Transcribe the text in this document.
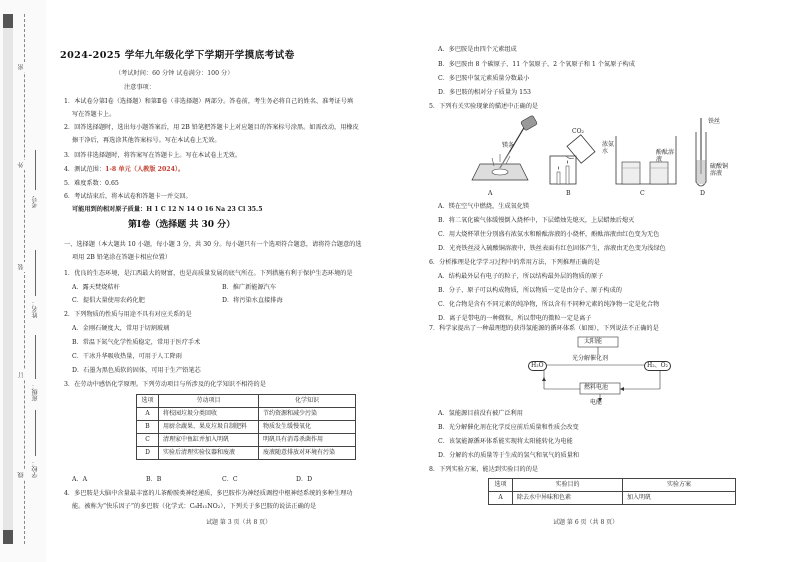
密
外
装
订
线
考号
姓名：
班级：
学校：
2024-2025 学年九年级化学下学期开学摸底考试卷
（考试时间：60 分钟 试卷满分：100 分）
注意事项：
1．本试卷分第Ⅰ卷（选择题）和第Ⅱ卷（非选择题）两部分。答卷前，考生务必将自己的姓名、准考证号填
写在答题卡上。
2．回答选择题时，选出每小题答案后，用 2B 铅笔把答题卡上对应题目的答案标号涂黑。如需改动，用橡皮
擦干净后，再选涂其他答案标号。写在本试卷上无效。
3．回答非选择题时，将答案写在答题卡上。写在本试卷上无效。
4．测试范围：1-8 单元（人教版 2024）。
5．难度系数：0.65
6．考试结束后，将本试卷和答题卡一并交回。
可能用到的相对原子质量：H 1 C 12 N 14 O 16 Na 23 Cl 35.5
第Ⅰ卷（选择题 共 30 分）
一、选择题（本大题共 10 小题，每小题 3 分，共 30 分。每小题只有一个选项符合题意，请将符合题意的选
项用 2B 铅笔涂在答题卡相应位置）
1．优良的生态环境，是江西最大的财富，也是高质量发展的底气所在。下列措施有利于保护生态环境的是
A．露天焚烧秸秆	B．推广新能源汽车
C．提倡大量使用农药化肥	D．将污染水直接排海
2．下列物质的性质与用途不具有对应关系的是
A．金刚石硬度大，常用于切割玻璃
B．常温下氮气化学性质稳定，常用于医疗手术
C．干冰升华吸收热量，可用于人工降雨
D．石墨为黑色质软的固体，可用于生产铅笔芯
3．在劳动中感悟化学原理。下列劳动项目与所涉及的化学知识不相符的是
选项	劳动项目	化学知识
A	将校园垃圾分类回收	节约资源和减少污染
B	用厨余蔬果、果皮垃圾自制肥料	物质发生缓慢氧化
C	清理家中鱼缸并加入明矾	明矾具有消毒杀菌作用
D	实验后清理实验仪器和废液	废液随意排放对环境有污染
A．A	B．B	C．C	D．D
4．多巴胺是大脑中含量最丰富的儿茶酚胺类神经递质，多巴胺作为神经质调控中枢神经系统的多种生理功
能。被称为“快乐因子”的多巴胺（化学式：C₈H₁₁NO₂），下列关于多巴胺的说法正确的是
试题 第 3 页（共 8 页）
A．多巴胺是由四个元素组成
B．多巴胺由 8 个碳原子、11 个氢原子、2 个氧原子和 1 个氮原子构成
C．多巴胺中氢元素质量分数最小
D．多巴胺的相对分子质量为 153
5．下列有关实验现象的描述中正确的是
镁条
CO₂
浓氨水	酚酞溶液
铁丝
硫酸铜溶液
A	B	C	D
A．镁在空气中燃烧，生成氧化镁
B．将二氧化碳气体缓慢倒入烧杯中，下层蜡烛先熄灭，上层蜡烛后熄灭
C．用大烧杯罩住分别盛有浓氨水和酚酞溶液的小烧杯，酚酞溶液由红色变为无色
D．光亮铁丝浸入硫酸铜溶液中，铁丝表面有红色固体产生，溶液由无色变为浅绿色
6．分析推理是化学学习过程中的常用方法，下列推理正确的是
A．结构最外层有电子的粒子，所以结构最外层的物质的原子
B．分子、原子可以构成物质，所以物质一定是由分子、原子构成的
C．化合物是含有不同元素的纯净物，所以含有不同种元素的纯净物一定是化合物
D．离子是带电的一种微粒，所以带电的微粒一定是离子
7．科学家提出了一种最理想的获得氢能源的循环体系（如图），下列说法不正确的是
太阳能
光分解催化剂
H₂O	H₂、O₂
燃料电池
电能
A．氢能源目前没有被广泛利用
B．光分解催化剂在化学反应前后质量和性质会改变
C．该氢能源循环体系能实现将太阳能转化为电能
D．分解的水的质量等于生成的氢气和氧气的质量和
8．下列实验方案，能达到实验目的的是
选项	实验目的	实验方案
A	除去水中异味和色素	加入明矾
试题 第 6 页（共 8 页）
